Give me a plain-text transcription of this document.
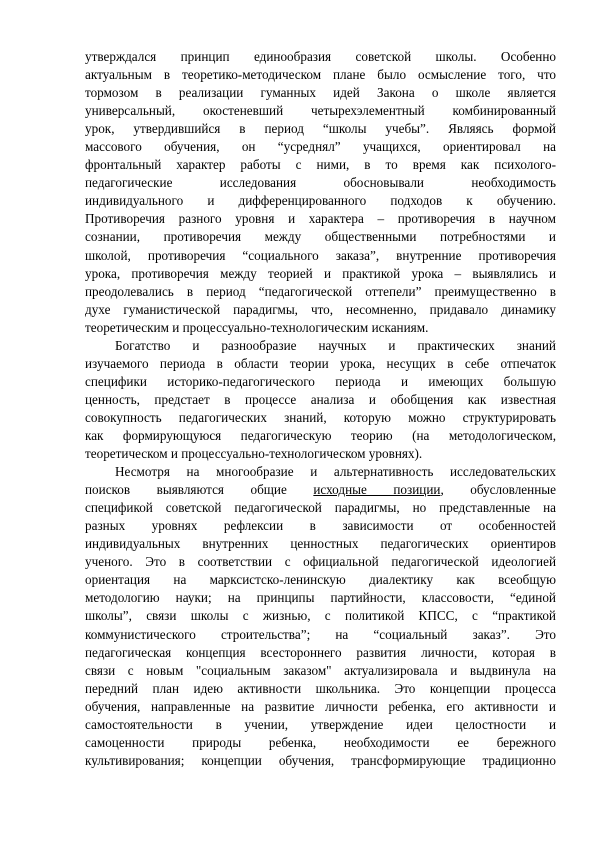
утверждался принцип единообразия советской школы. Особенно
актуальным в теоретико-методическом плане было осмысление того, что
тормозом в реализации гуманных идей Закона о школе является
универсальный, окостеневший четырехэлементный комбинированный
урок, утвердившийся в период “школы учебы”. Являясь формой
массового обучения, он “усреднял” учащихся, ориентировал на
фронтальный характер работы с ними, в то время как психолого-
педагогические исследования обосновывали необходимость
индивидуального и дифференцированного подходов к обучению.
Противоречия разного уровня и характера – противоречия в научном
сознании, противоречия между общественными потребностями и
школой, противоречия “социального заказа”, внутренние противоречия
урока, противоречия между теорией и практикой урока – выявлялись и
преодолевались в период “педагогической оттепели” преимущественно в
духе гуманистической парадигмы, что, несомненно, придавало динамику
теоретическим и процессуально-технологическим исканиям.
Богатство и разнообразие научных и практических знаний
изучаемого периода в области теории урока, несущих в себе отпечаток
специфики историко-педагогического периода и имеющих большую
ценность, предстает в процессе анализа и обобщения как известная
совокупность педагогических знаний, которую можно структурировать
как формирующуюся педагогическую теорию (на методологическом,
теоретическом и процессуально-технологическом уровнях).
Несмотря на многообразие и альтернативность исследовательских
поисков выявляются общие исходные позиции, обусловленные
спецификой советской педагогической парадигмы, но представленные на
разных уровнях рефлексии в зависимости от особенностей
индивидуальных внутренних ценностных педагогических ориентиров
ученого. Это в соответствии с официальной педагогической идеологией
ориентация на марксистско-ленинскую диалектику как всеобщую
методологию науки; на принципы партийности, классовости, “единой
школы”, связи школы с жизнью, с политикой КПСС, с “практикой
коммунистического строительства”; на “социальный заказ”. Это
педагогическая концепция всестороннего развития личности, которая в
связи с новым "социальным заказом" актуализировала и выдвинула на
передний план идею активности школьника. Это концепции процесса
обучения, направленные на развитие личности ребенка, его активности и
самостоятельности в учении, утверждение идеи целостности и
самоценности природы ребенка, необходимости ее бережного
культивирования; концепции обучения, трансформирующие традиционно
